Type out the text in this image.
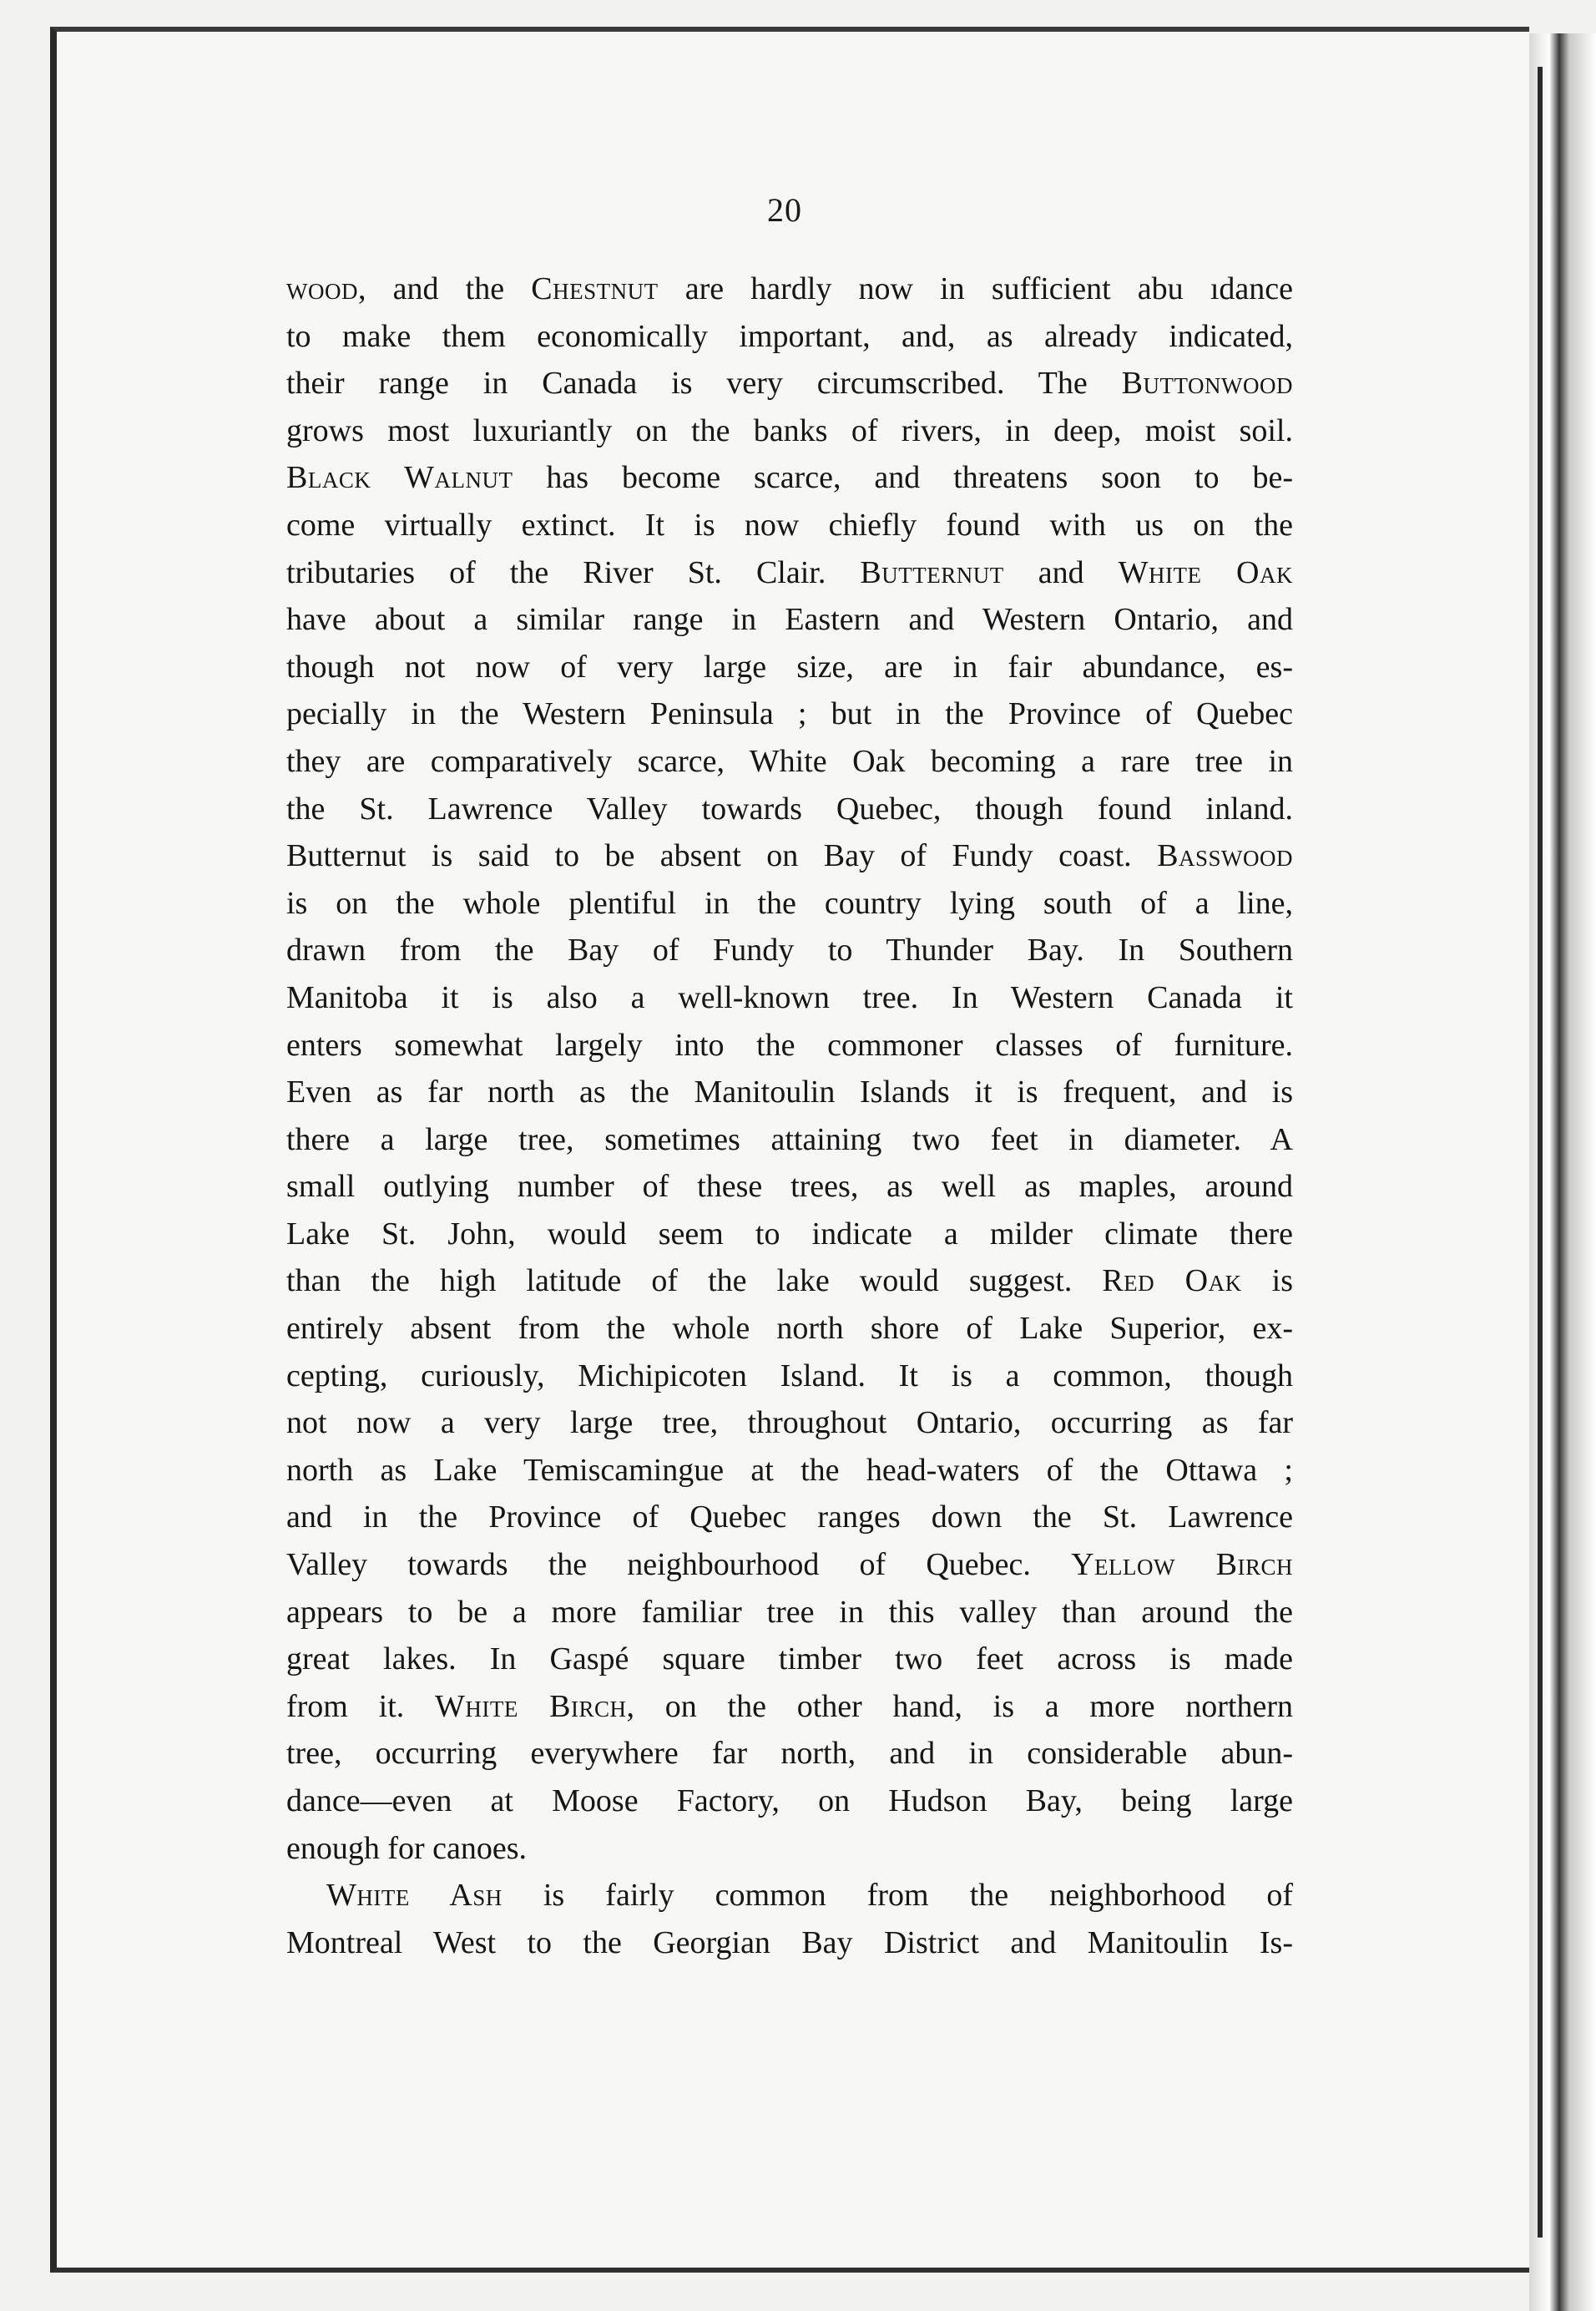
20
wood, and the Chestnut are hardly now in sufficient abu ıdance
to make them economically important, and, as already indicated,
their range in Canada is very circumscribed. The Buttonwood
grows most luxuriantly on the banks of rivers, in deep, moist soil.
Black Walnut has become scarce, and threatens soon to be-
come virtually extinct. It is now chiefly found with us on the
tributaries of the River St. Clair. Butternut and White Oak
have about a similar range in Eastern and Western Ontario, and
though not now of very large size, are in fair abundance, es-
pecially in the Western Peninsula ; but in the Province of Quebec
they are comparatively scarce, White Oak becoming a rare tree in
the St. Lawrence Valley towards Quebec, though found inland.
Butternut is said to be absent on Bay of Fundy coast. Basswood
is on the whole plentiful in the country lying south of a line,
drawn from the Bay of Fundy to Thunder Bay. In Southern
Manitoba it is also a well-known tree. In Western Canada it
enters somewhat largely into the commoner classes of furniture.
Even as far north as the Manitoulin Islands it is frequent, and is
there a large tree, sometimes attaining two feet in diameter. A
small outlying number of these trees, as well as maples, around
Lake St. John, would seem to indicate a milder climate there
than the high latitude of the lake would suggest. Red Oak is
entirely absent from the whole north shore of Lake Superior, ex-
cepting, curiously, Michipicoten Island. It is a common, though
not now a very large tree, throughout Ontario, occurring as far
north as Lake Temiscamingue at the head-waters of the Ottawa ;
and in the Province of Quebec ranges down the St. Lawrence
Valley towards the neighbourhood of Quebec. Yellow Birch
appears to be a more familiar tree in this valley than around the
great lakes. In Gaspé square timber two feet across is made
from it. White Birch, on the other hand, is a more northern
tree, occurring everywhere far north, and in considerable abun-
dance—even at Moose Factory, on Hudson Bay, being large
enough for canoes.
White Ash is fairly common from the neighborhood of
Montreal West to the Georgian Bay District and Manitoulin Is-
